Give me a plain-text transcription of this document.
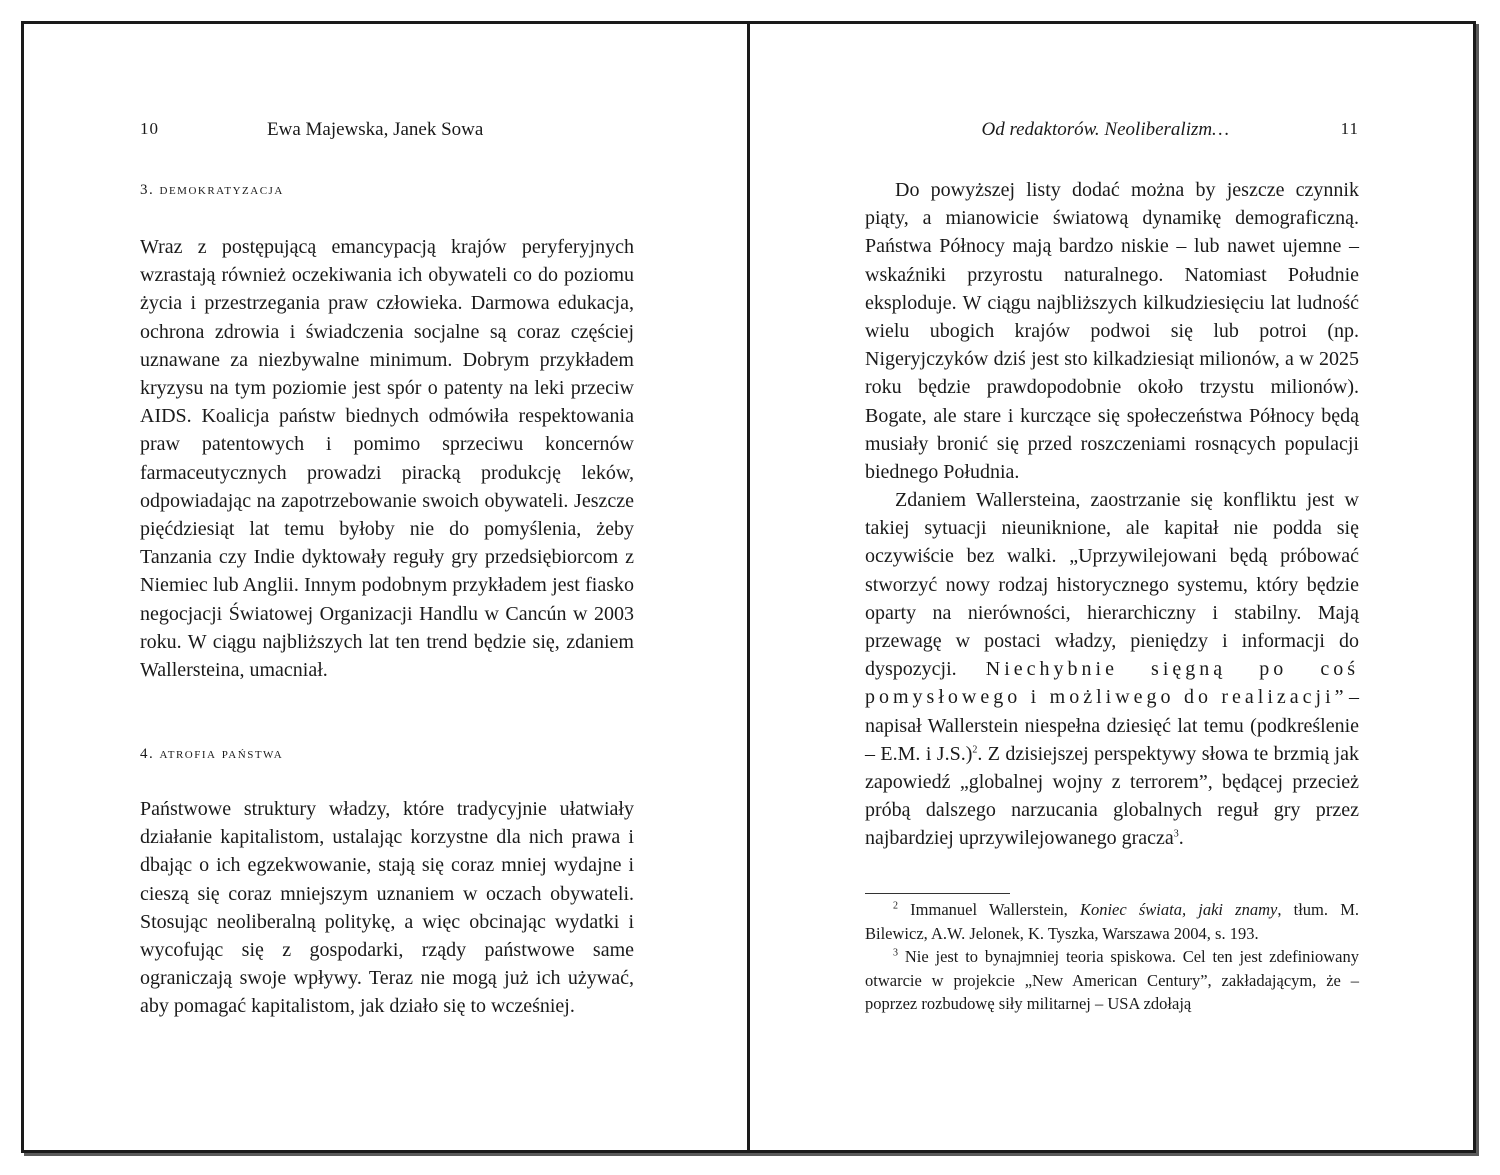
10	Ewa Majewska, Janek Sowa
3. demokratyzacja

Wraz z postępującą emancypacją krajów peryferyjnych wzrastają również oczekiwania ich obywateli co do poziomu życia i przestrzegania praw człowieka. Darmowa edukacja, ochrona zdrowia i świadczenia socjalne są coraz częściej uznawane za niezbywalne minimum. Dobrym przykładem kryzysu na tym poziomie jest spór o patenty na leki przeciw AIDS. Koalicja państw biednych odmówiła respektowania praw patentowych i pomimo sprzeciwu koncernów farmaceutycznych prowadzi piracką produkcję leków, odpowiadając na zapotrzebowanie swoich obywateli. Jeszcze pięćdziesiąt lat temu byłoby nie do pomyślenia, żeby Tanzania czy Indie dyktowały reguły gry przedsiębiorcom z Niemiec lub Anglii. Innym podobnym przykładem jest fiasko negocjacji Światowej Organizacji Handlu w Cancún w 2003 roku. W ciągu najbliższych lat ten trend będzie się, zdaniem Wallersteina, umacniał.

4. atrofia państwa

Państwowe struktury władzy, które tradycyjnie ułatwiały działanie kapitalistom, ustalając korzystne dla nich prawa i dbając o ich egzekwowanie, stają się coraz mniej wydajne i cieszą się coraz mniejszym uznaniem w oczach obywateli. Stosując neoliberalną politykę, a więc obcinając wydatki i wycofując się z gospodarki, rządy państwowe same ograniczają swoje wpływy. Teraz nie mogą już ich używać, aby pomagać kapitalistom, jak działo się to wcześniej.

Od redaktorów. Neoliberalizm…	11

Do powyższej listy dodać można by jeszcze czynnik piąty, a mianowicie światową dynamikę demograficzną. Państwa Północy mają bardzo niskie – lub nawet ujemne – wskaźniki przyrostu naturalnego. Natomiast Południe eksploduje. W ciągu najbliższych kilkudziesięciu lat ludność wielu ubogich krajów podwoi się lub potroi (np. Nigeryjczyków dziś jest sto kilkadziesiąt milionów, a w 2025 roku będzie prawdopodobnie około trzystu milionów). Bogate, ale stare i kurczące się społeczeństwa Północy będą musiały bronić się przed roszczeniami rosnących populacji biednego Południa.

Zdaniem Wallersteina, zaostrzanie się konfliktu jest w takiej sytuacji nieuniknione, ale kapitał nie podda się oczywiście bez walki. „Uprzywilejowani będą próbować stworzyć nowy rodzaj historycznego systemu, który będzie oparty na nierówności, hierarchiczny i stabilny. Mają przewagę w postaci władzy, pieniędzy i informacji do dyspozycji. Niechybnie sięgną po coś pomysłowego i możliwego do realizacji” – napisał Wallerstein niespełna dziesięć lat temu (podkreślenie – E.M. i J.S.)$^2$. Z dzisiejszej perspektywy słowa te brzmią jak zapowiedź „globalnej wojny z terrorem”, będącej przecież próbą dalszego narzucania globalnych reguł gry przez najbardziej uprzywilejowanego gracza$^3$.

$^2$ Immanuel Wallerstein, Koniec świata, jaki znamy, tłum. M. Bilewicz, A.W. Jelonek, K. Tyszka, Warszawa 2004, s. 193.

$^3$ Nie jest to bynajmniej teoria spiskowa. Cel ten jest zdefiniowany otwarcie w projekcie „New American Century”, zakładającym, że – poprzez rozbudowę siły militarnej – USA zdołają
